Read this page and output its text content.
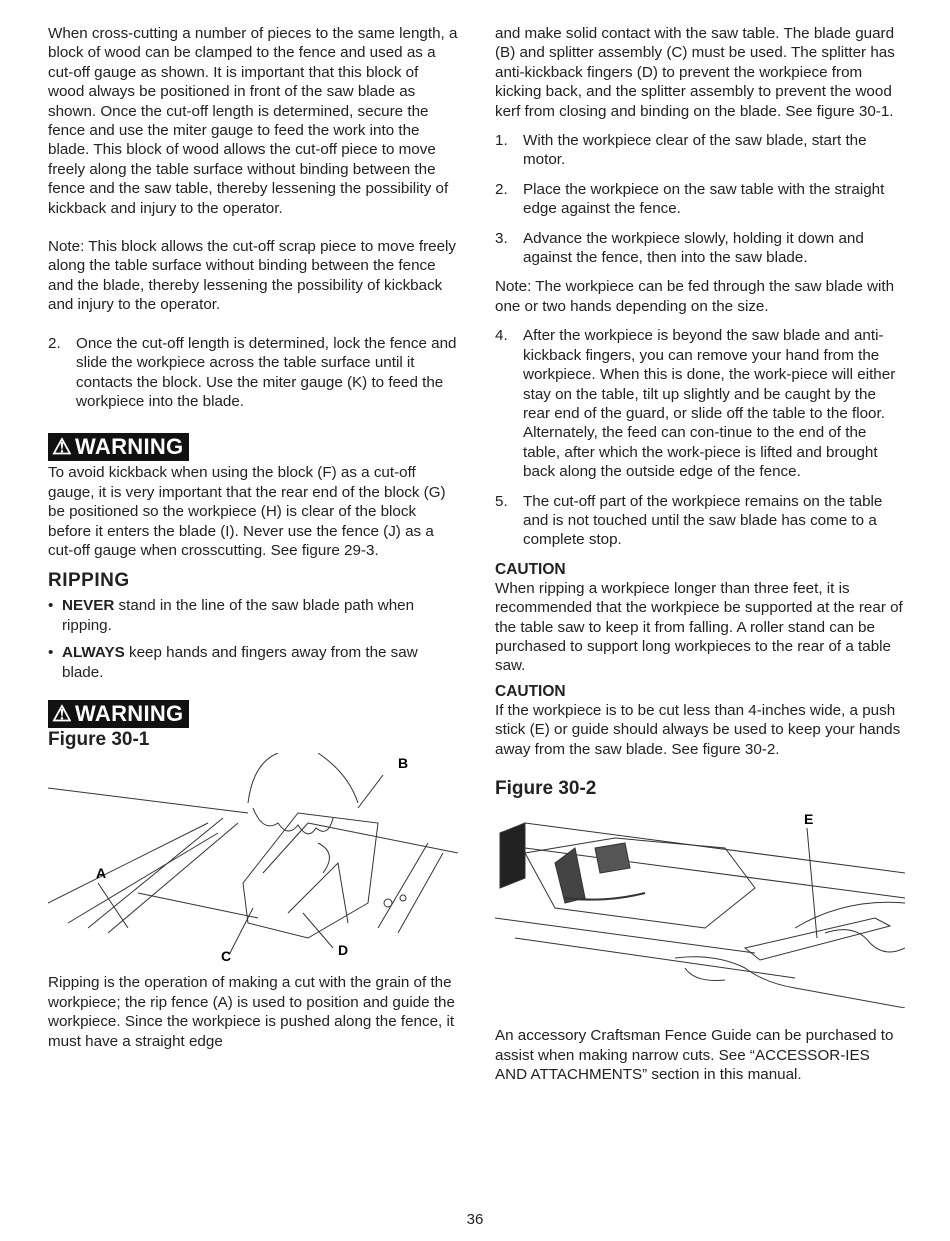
When cross-cutting a number of pieces to the same length, a block of wood can be clamped to the fence and used as a cut-off gauge as shown. It is important that this block of wood always be positioned in front of the saw blade as shown. Once the cut-off length is determined, secure the fence and use the miter gauge to feed the work into the blade. This block of wood allows the cut-off piece to move freely along the table surface without binding between the fence and the saw table, thereby lessening the possibility of kickback and injury to the operator.

Note: This block allows the cut-off scrap piece to move freely along the table surface without binding between the fence and the blade, thereby lessening the possibility of kickback and injury to the operator.

2.	Once the cut-off length is determined, lock the fence and slide the workpiece across the table surface until it contacts the block. Use the miter gauge (K) to feed the workpiece into the blade.
⚠ WARNING

To avoid kickback when using the block (F) as a cut-off gauge, it is very important that the rear end of the block (G) be positioned so the workpiece (H) is clear of the block before it enters the blade (I). Never use the fence (J) as a cut-off gauge when crosscutting. See figure 29-3.

RIPPING
• NEVER stand in the line of the saw blade path when ripping.
• ALWAYS keep hands and fingers away from the saw blade.
⚠ WARNING

Figure 30-1

A
B
C	D

Ripping is the operation of making a cut with the grain of the workpiece; the rip fence (A) is used to position and guide the workpiece. Since the workpiece is pushed along the fence, it must have a straight edge

and make solid contact with the saw table. The blade guard (B) and splitter assembly (C) must be used. The splitter has anti-kickback fingers (D) to prevent the workpiece from kicking back, and the splitter assembly to prevent the wood kerf from closing and binding on the blade. See figure 30-1.

1.	With the workpiece clear of the saw blade, start the motor.
2.	Place the workpiece on the saw table with the straight edge against the fence.
3.	Advance the workpiece slowly, holding it down and against the fence, then into the saw blade.

Note: The workpiece can be fed through the saw blade with one or two hands depending on the size.

4.	After the workpiece is beyond the saw blade and anti-kickback fingers, you can remove your hand from the workpiece. When this is done, the work-piece will either stay on the table, tilt up slightly and be caught by the rear end of the guard, or slide off the table to the floor. Alternately, the feed can con-tinue to the end of the table, after which the work-piece is lifted and brought back along the outside edge of the fence.
5.	The cut-off part of the workpiece remains on the table and is not touched until the saw blade has come to a complete stop.
CAUTION

When ripping a workpiece longer than three feet, it is recommended that the workpiece be supported at the rear of the table saw to keep it from falling. A roller stand can be purchased to support long workpieces to the rear of a table saw.

CAUTION

If the workpiece is to be cut less than 4-inches wide, a push stick (E) or guide should always be used to keep your hands away from the saw blade. See figure 30-2.

Figure 30-2

E

An accessory Craftsman Fence Guide can be purchased to assist when making narrow cuts. See “ACCESSOR-IES AND ATTACHMENTS” section in this manual.

36
